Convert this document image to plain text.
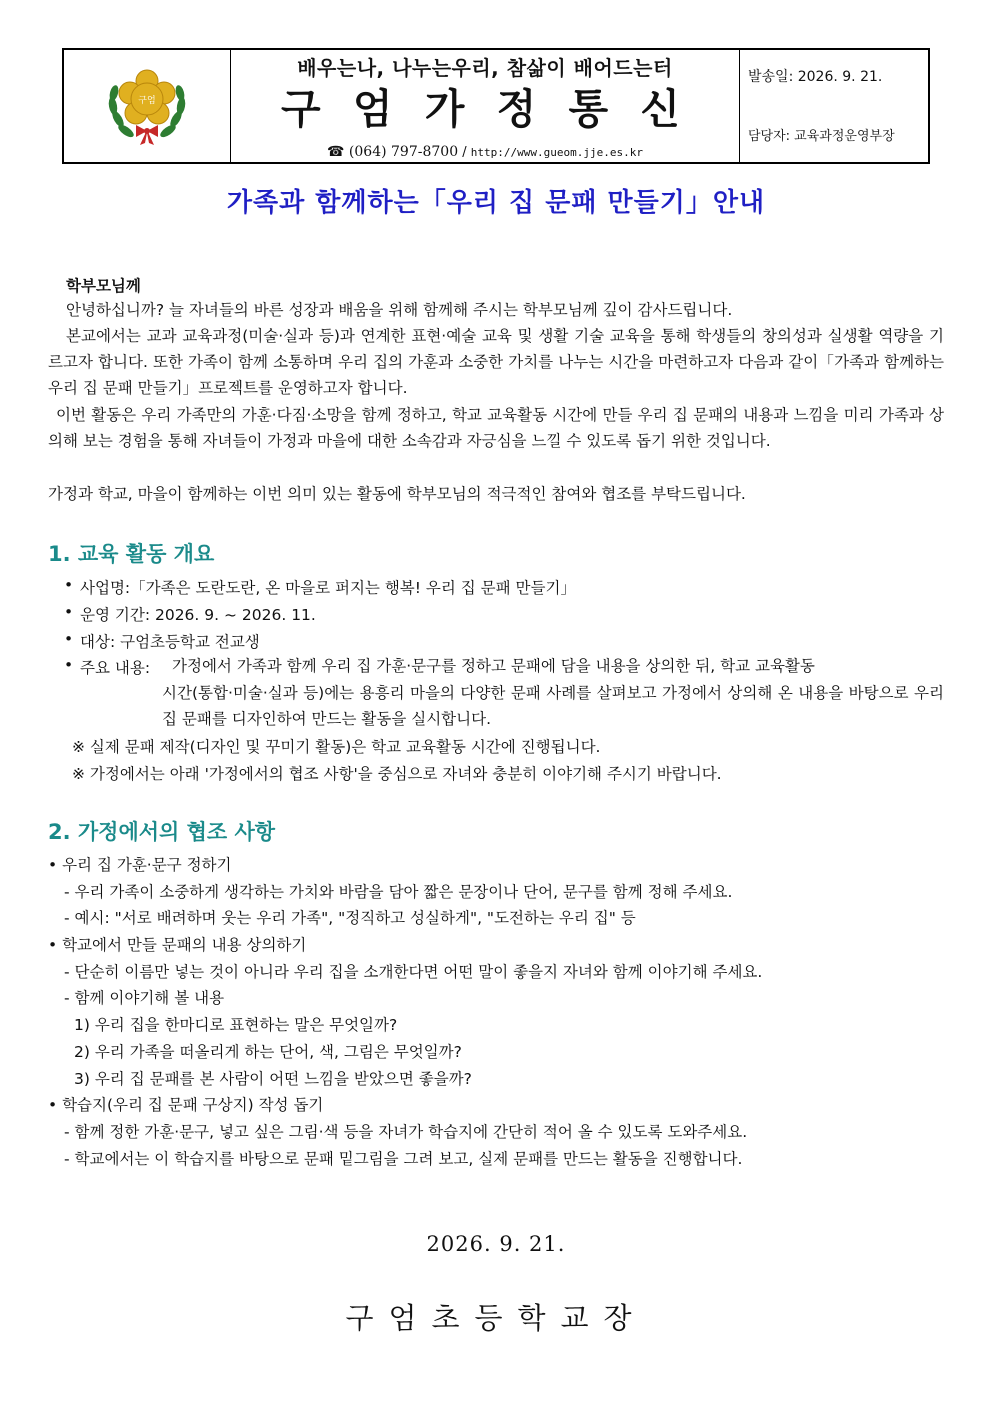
구엄
배우는나, 나누는우리, 참삶이 배어드는터
구 엄 가 정 통 신
☎ (064) 797-8700 / http://www.gueom.jje.es.kr
발송일: 2026. 9. 21.
담당자: 교육과정운영부장
가족과 함께하는「우리 집 문패 만들기」안내
학부모님께
안녕하십니까? 늘 자녀들의 바른 성장과 배움을 위해 함께해 주시는 학부모님께 깊이 감사드립니다.
본교에서는 교과 교육과정(미술·실과 등)과 연계한 표현·예술 교육 및 생활 기술 교육을 통해 학생들의 창의성과 실생활 역량을 기르고자 합니다. 또한 가족이 함께 소통하며 우리 집의 가훈과 소중한 가치를 나누는 시간을 마련하고자 다음과 같이「가족과 함께하는 우리 집 문패 만들기」프로젝트를 운영하고자 합니다.
이번 활동은 우리 가족만의 가훈·다짐·소망을 함께 정하고, 학교 교육활동 시간에 만들 우리 집 문패의 내용과 느낌을 미리 가족과 상의해 보는 경험을 통해 자녀들이 가정과 마을에 대한 소속감과 자긍심을 느낄 수 있도록 돕기 위한 것입니다.
가정과 학교, 마을이 함께하는 이번 의미 있는 활동에 학부모님의 적극적인 참여와 협조를 부탁드립니다.
1. 교육 활동 개요
• 사업명:「가족은 도란도란, 온 마을로 퍼지는 행복! 우리 집 문패 만들기」
• 운영 기간: 2026. 9. ~ 2026. 11.
• 대상: 구엄초등학교 전교생
• 주요 내용: 가정에서 가족과 함께 우리 집 가훈·문구를 정하고 문패에 담을 내용을 상의한 뒤, 학교 교육활동
시간(통합·미술·실과 등)에는 용흥리 마을의 다양한 문패 사례를 살펴보고 가정에서 상의해 온 내용을 바탕으로 우리 집 문패를 디자인하여 만드는 활동을 실시합니다.
※ 실제 문패 제작(디자인 및 꾸미기 활동)은 학교 교육활동 시간에 진행됩니다.
※ 가정에서는 아래 '가정에서의 협조 사항'을 중심으로 자녀와 충분히 이야기해 주시기 바랍니다.
2. 가정에서의 협조 사항
• 우리 집 가훈·문구 정하기
- 우리 가족이 소중하게 생각하는 가치와 바람을 담아 짧은 문장이나 단어, 문구를 함께 정해 주세요.
- 예시: "서로 배려하며 웃는 우리 가족", "정직하고 성실하게", "도전하는 우리 집" 등
• 학교에서 만들 문패의 내용 상의하기
- 단순히 이름만 넣는 것이 아니라 우리 집을 소개한다면 어떤 말이 좋을지 자녀와 함께 이야기해 주세요.
- 함께 이야기해 볼 내용
1) 우리 집을 한마디로 표현하는 말은 무엇일까?
2) 우리 가족을 떠올리게 하는 단어, 색, 그림은 무엇일까?
3) 우리 집 문패를 본 사람이 어떤 느낌을 받았으면 좋을까?
• 학습지(우리 집 문패 구상지) 작성 돕기
- 함께 정한 가훈·문구, 넣고 싶은 그림·색 등을 자녀가 학습지에 간단히 적어 올 수 있도록 도와주세요.
- 학교에서는 이 학습지를 바탕으로 문패 밑그림을 그려 보고, 실제 문패를 만드는 활동을 진행합니다.
2026. 9. 21.
구엄초등학교장
